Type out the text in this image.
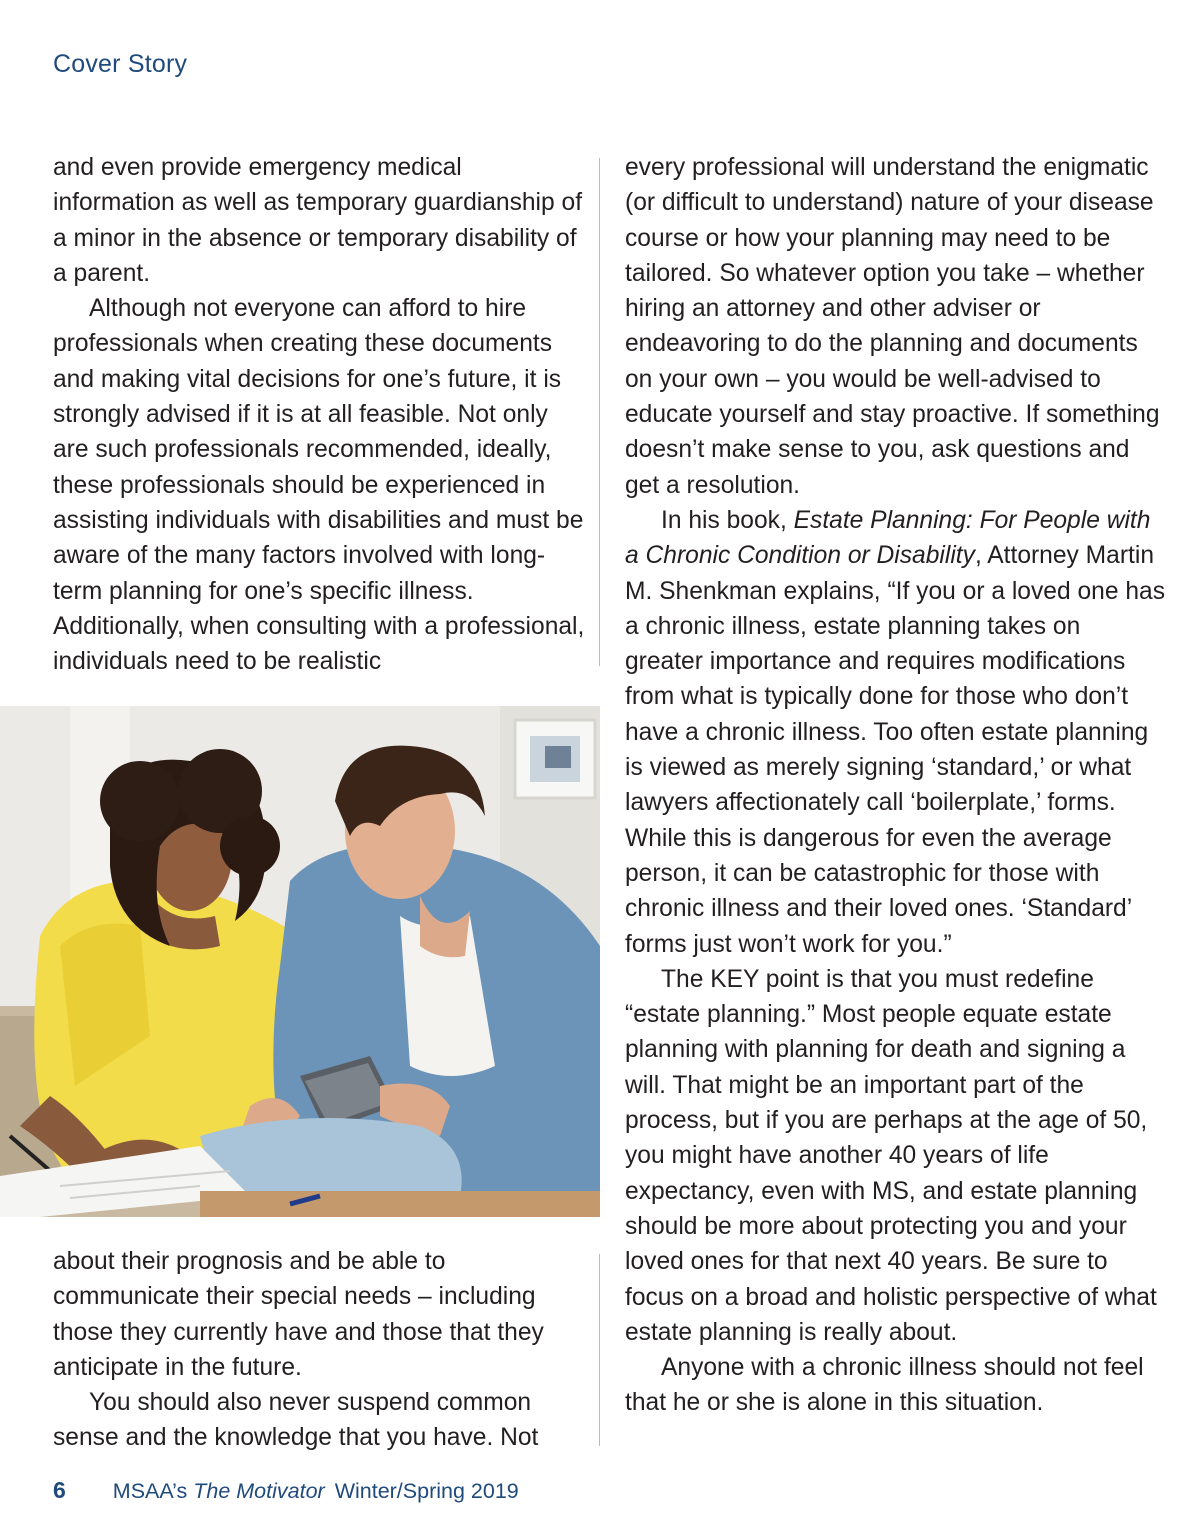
Cover Story

and even provide emergency medical information as well as temporary guardianship of a minor in the absence or temporary disability of a parent.

Although not everyone can afford to hire professionals when creating these documents and making vital decisions for one’s future, it is strongly advised if it is at all feasible. Not only are such professionals recommended, ideally, these professionals should be experienced in assisting individuals with disabilities and must be aware of the many factors involved with long-term planning for one’s specific illness. Additionally, when consulting with a professional, individuals need to be realistic

about their prognosis and be able to communicate their special needs – including those they currently have and those that they anticipate in the future.

You should also never suspend common sense and the knowledge that you have. Not

every professional will understand the enigmatic (or difficult to understand) nature of your disease course or how your planning may need to be tailored. So whatever option you take – whether hiring an attorney and other adviser or endeavoring to do the planning and documents on your own – you would be well-advised to educate yourself and stay proactive. If something doesn’t make sense to you, ask questions and get a resolution.

In his book, Estate Planning: For People with a Chronic Condition or Disability, Attorney Martin M. Shenkman explains, “If you or a loved one has a chronic illness, estate planning takes on greater importance and requires modifications from what is typically done for those who don’t have a chronic illness. Too often estate planning is viewed as merely signing ‘standard,’ or what lawyers affectionately call ‘boilerplate,’ forms. While this is dangerous for even the average person, it can be catastrophic for those with chronic illness and their loved ones. ‘Standard’ forms just won’t work for you.”

The KEY point is that you must redefine “estate planning.” Most people equate estate planning with planning for death and signing a will. That might be an important part of the process, but if you are perhaps at the age of 50, you might have another 40 years of life expectancy, even with MS, and estate planning should be more about protecting you and your loved ones for that next 40 years. Be sure to focus on a broad and holistic perspective of what estate planning is really about.

Anyone with a chronic illness should not feel that he or she is alone in this situation.

6 MSAA’s The Motivator Winter/Spring 2019
